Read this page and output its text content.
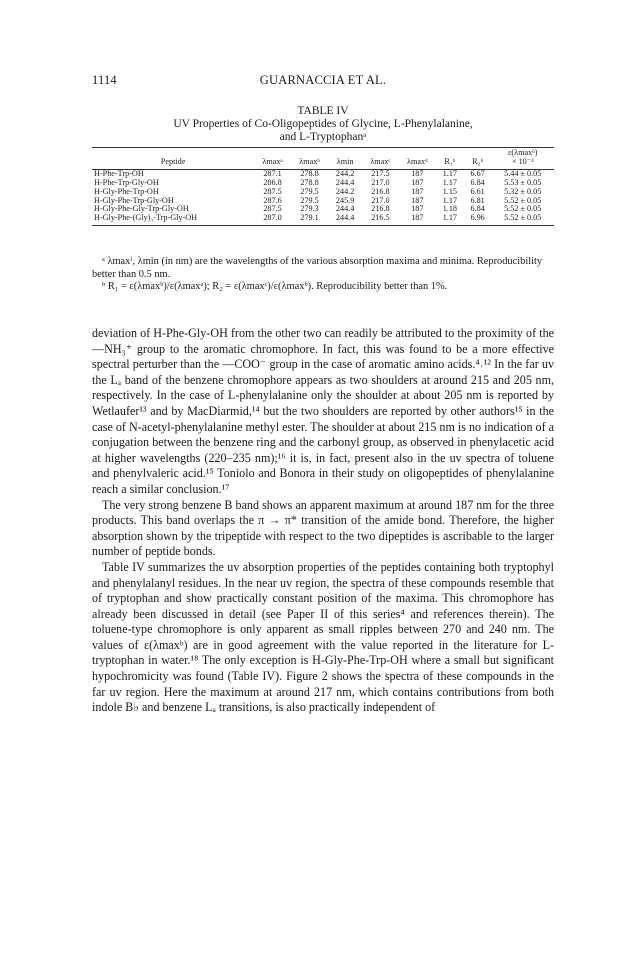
1114	GUARNACCIA ET AL.
TABLE IV
UV Properties of Co-Oligopeptides of Glycine, L-Phenylalanine,
and L-Tryptophanᵃ

Peptide	λmaxᵃ	λmaxᵇ	λmin	λmaxᶜ	λmaxᵈ	R₁ᵇ	R₂ᵇ	ε(λmaxᵇ)
× 10⁻³

H-Phe-Trp-OH	287.1	278.8	244.2	217.5	187	1.17	6.67	5.44 ± 0.05
H-Phe-Trp-Gly-OH	286.8	278.8	244.4	217.0	187	1.17	6.84	5.53 ± 0.05
H-Gly-Phe-Trp-OH	287.5	279.5	244.2	216.8	187	1.15	6.61	5.32 ± 0.05
H-Gly-Phe-Trp-Gly-OH	287.6	279.5	245.9	217.0	187	1.17	6.81	5.52 ± 0.05
H-Gly-Phe-Gly-Trp-Gly-OH	287.5	279.3	244.4	216.8	187	1.18	6.84	5.52 ± 0.05
H-Gly-Phe-(Gly)₃-Trp-Gly-OH	287.0	279.1	244.4	216.5	187	1.17	6.96	5.52 ± 0.05

ᵃ λmaxⁱ, λmin (in nm) are the wavelengths of the various absorption maxima and minima. Reproducibility better than 0.5 nm.

ᵇ R₁ = ε(λmaxᵇ)/ε(λmaxᵃ); R₂ = ε(λmaxᶜ)/ε(λmaxᵇ). Reproducibility better than 1%.

deviation of H-Phe-Gly-OH from the other two can readily be attributed to the proximity of the —NH₃⁺ group to the aromatic chromophore. In fact, this was found to be a more effective spectral perturber than the —COO⁻ group in the case of aromatic amino acids.⁴˒¹² In the far uv the Lₐ band of the benzene chromophore appears as two shoulders at around 215 and 205 nm, respectively. In the case of L-phenylalanine only the shoulder at about 205 nm is reported by Wetlaufer¹³ and by MacDiarmid,¹⁴ but the two shoulders are reported by other authors¹⁵ in the case of N-acetyl-phenylalanine methyl ester. The shoulder at about 215 nm is no indication of a conjugation between the benzene ring and the carbonyl group, as observed in phenylacetic acid at higher wavelengths (220–235 nm);¹⁶ it is, in fact, present also in the uv spectra of toluene and phenylvaleric acid.¹⁵ Toniolo and Bonora in their study on oligopeptides of phenylalanine reach a similar conclusion.¹⁷

The very strong benzene B band shows an apparent maximum at around 187 nm for the three products. This band overlaps the π → π* transition of the amide bond. Therefore, the higher absorption shown by the tripeptide with respect to the two dipeptides is ascribable to the larger number of peptide bonds.

Table IV summarizes the uv absorption properties of the peptides containing both tryptophyl and phenylalanyl residues. In the near uv region, the spectra of these compounds resemble that of tryptophan and show practically constant position of the maxima. This chromophore has already been discussed in detail (see Paper II of this series⁴ and references therein). The toluene-type chromophore is only apparent as small ripples between 270 and 240 nm. The values of ε(λmaxᵇ) are in good agreement with the value reported in the literature for L-tryptophan in water.¹⁸ The only exception is H-Gly-Phe-Trp-OH where a small but significant hypochromicity was found (Table IV). Figure 2 shows the spectra of these compounds in the far uv region. Here the maximum at around 217 nm, which contains contributions from both indole B♭ and benzene Lₐ transitions, is also practically independent of
